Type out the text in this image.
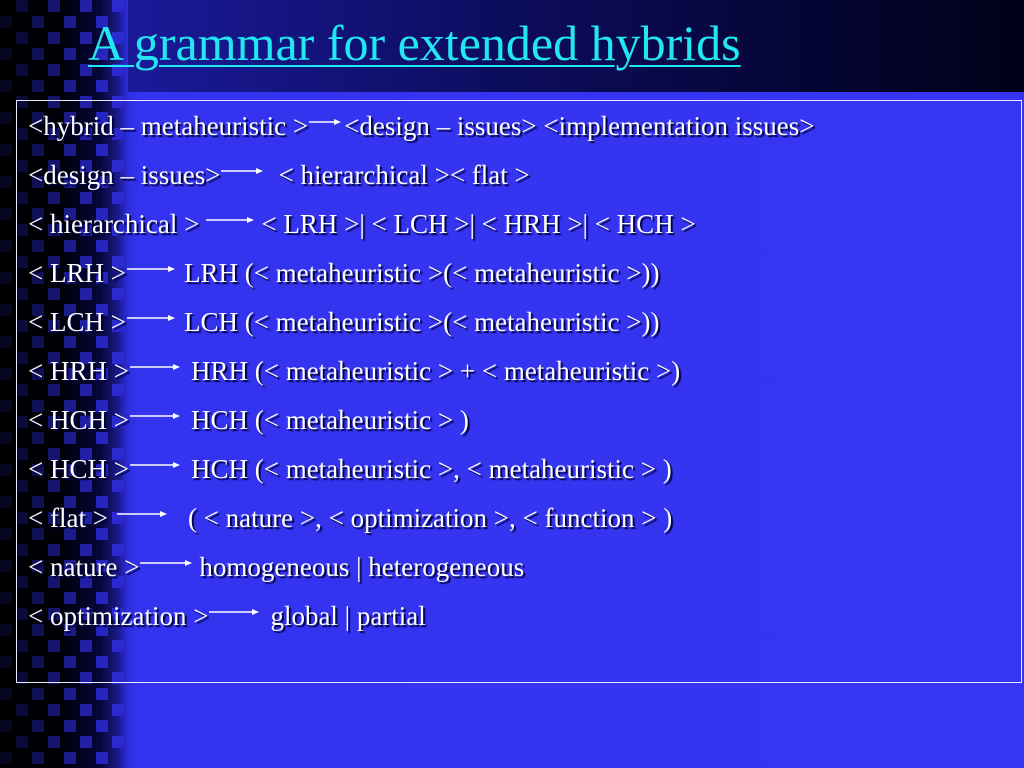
A grammar for extended hybrids
<hybrid – metaheuristic > <design – issues> <implementation issues>
<design – issues> < hierarchical >< flat >
< hierarchical > < LRH >| < LCH >| < HRH >| < HCH >
< LRH > LRH (< metaheuristic >(< metaheuristic >))
< LCH > LCH (< metaheuristic >(< metaheuristic >))
< HRH > HRH (< metaheuristic > + < metaheuristic >)
< HCH > HCH (< metaheuristic > )
< HCH > HCH (< metaheuristic >, < metaheuristic > )
< flat >	( < nature >, < optimization >, < function > )
< nature > homogeneous | heterogeneous
< optimization > global | partial
